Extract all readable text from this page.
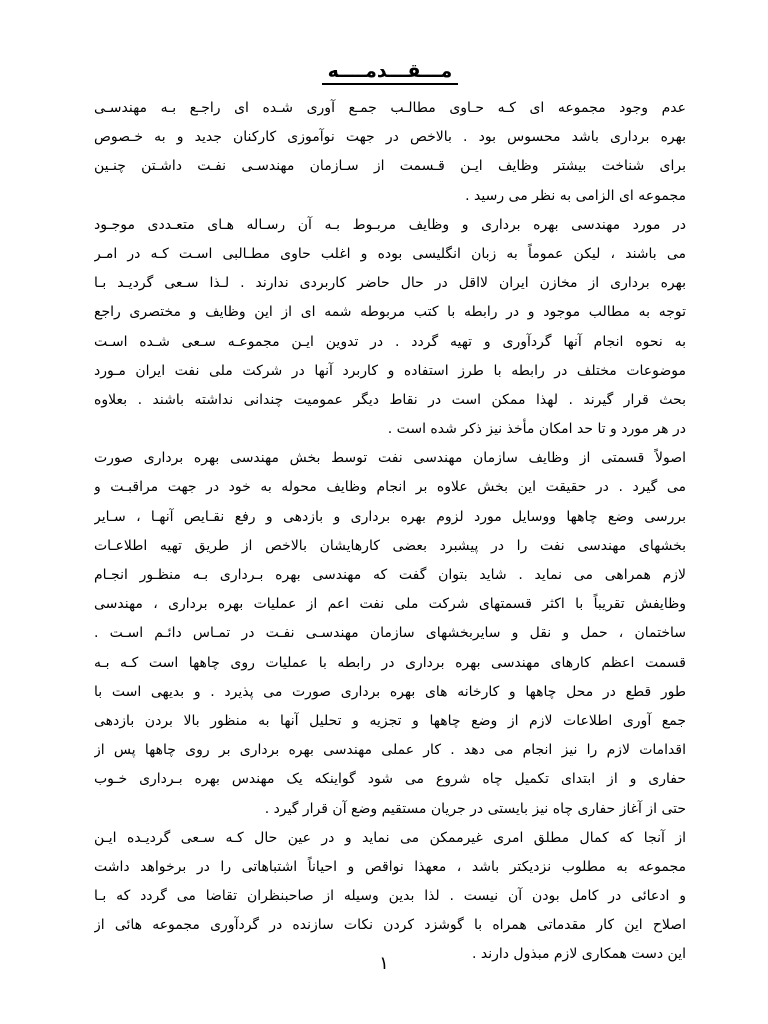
مـــقـــدمــــه
عدم وجود مجموعه ای کـه حـاوی مطالـب جمـع آوری شـده ای راجـع بـه مهندسـی
بهره برداری باشد محسوس بود . بالاخص در جهت نوآموزی کارکنان جدید و به خـصوص
برای شناخت بیشتر وظایف ایـن قـسمت از سـازمان مهندسـی نفـت داشـتن چنـین
مجموعه ای الزامی به نظر می رسید .
در مورد مهندسی بهره برداری و وظایف مربـوط بـه آن رسـاله هـای متعـددی موجـود
می باشند ، لیکن عموماً به زبان انگلیسی بوده و اغلب حاوی مطـالبی اسـت کـه در امـر
بهره برداری از مخازن ایران لااقل در حال حاضر کاربردی ندارند . لـذا سـعی گردیـد بـا
توجه به مطالب موجود و در رابطه با کتب مربوطه شمه ای از این وظایف و مختصری راجع
به نحوه انجام آنها گردآوری و تهیه گردد . در تدوین ایـن مجموعـه سـعی شـده اسـت
موضوعات مختلف در رابطه با طرز استفاده و کاربرد آنها در شرکت ملی نفت ایران مـورد
بحث قرار گیرند . لهذا ممکن است در نقاط دیگر عمومیت چندانی نداشته باشند . بعلاوه
در هر مورد و تا حد امکان مأخذ نیز ذکر شده است .
اصولاً قسمتی از وظایف سازمان مهندسی نفت توسط بخش مهندسی بهره برداری صورت
می گیرد . در حقیقت این بخش علاوه بر انجام وظایف محوله به خود در جهت مراقبـت و
بررسی وضع چاهها ووسایل مورد لزوم بهره برداری و بازدهی و رفع نقـایص آنهـا ، سـایر
بخشهای مهندسی نفت را در پیشبرد بعضی کارهایشان بالاخص از طریق تهیه اطلاعـات
لازم همراهی می نماید . شاید بتوان گفت که مهندسی بهره بـرداری بـه منظـور انجـام
وظایفش تقریباً با اکثر قسمتهای شرکت ملی نفت اعم از عملیات بهره برداری ، مهندسی
ساختمان ، حمل و نقل و سایربخشهای سازمان مهندسـی نفـت در تمـاس دائـم اسـت .
قسمت اعظم کارهای مهندسی بهره برداری در رابطه با عملیات روی چاهها است کـه بـه
طور قطع در محل چاهها و کارخانه های بهره برداری صورت می پذیرد . و بدیهی است با
جمع آوری اطلاعات لازم از وضع چاهها و تجزیه و تحلیل آنها به منظور بالا بردن بازدهی
اقدامات لازم را نیز انجام می دهد . کار عملی مهندسی بهره برداری بر روی چاهها پس از
حفاری و از ابتدای تکمیل چاه شروع می شود گواینکه یک مهندس بهره بـرداری خـوب
حتی از آغاز حفاری چاه نیز بایستی در جریان مستقیم وضع آن قرار گیرد .
از آنجا که کمال مطلق امری غیرممکن می نماید و در عین حال کـه سـعی گردیـده ایـن
مجموعه به مطلوب نزدیکتر باشد ، معهذا نواقص و احیاناً اشتباهاتی را در برخواهد داشت
و ادعائی در کامل بودن آن نیست . لذا بدین وسیله از صاحبنظران تقاضا می گردد که بـا
اصلاح این کار مقدماتی همراه با گوشزد کردن نکات سازنده در گردآوری مجموعه هائی از
این دست همکاری لازم مبذول دارند .
۱
